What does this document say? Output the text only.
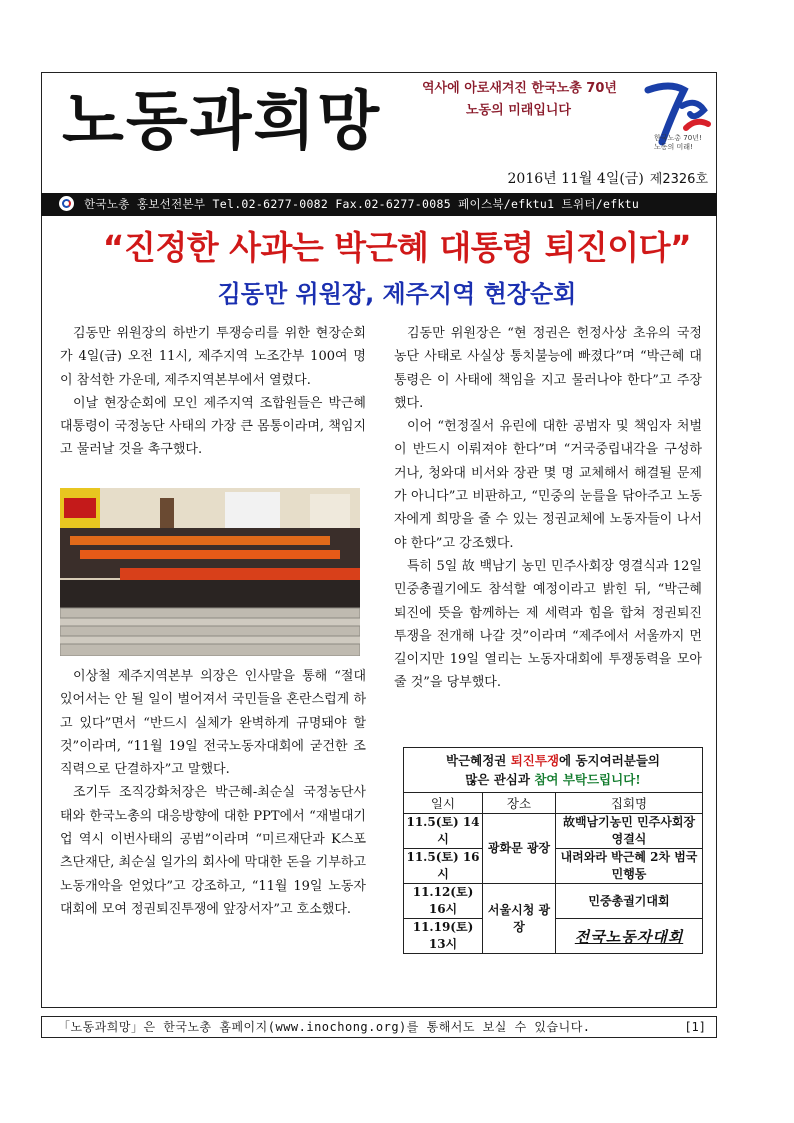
노동과희망	역사에 아로새겨진 한국노총 70년
노동의 미래입니다
한국노총 70년!
노동의 미래!
2016년 11월 4일(금) 제2326호
한국노총 홍보선전본부 Tel.02-6277-0082 Fax.02-6277-0085 페이스북/efktu1 트위터/efktu
“진정한 사과는 박근혜 대통령 퇴진이다”
김동만 위원장, 제주지역 현장순회

김동만 위원장의 하반기 투쟁승리를 위한 현장순회가 4일(금) 오전 11시, 제주지역 노조간부 100여 명이 참석한 가운데, 제주지역본부에서 열렸다.

이날 현장순회에 모인 제주지역 조합원들은 박근혜대통령이 국정농단 사태의 가장 큰 몸통이라며, 책임지고 물러날 것을 촉구했다.

이상철 제주지역본부 의장은 인사말을 통해 “절대 있어서는 안 될 일이 벌어져서 국민들을 혼란스럽게 하고 있다”면서 “반드시 실체가 완벽하게 규명돼야 할 것”이라며, “11월 19일 전국노동자대회에 굳건한 조직력으로 단결하자”고 말했다.

조기두 조직강화처장은 박근혜-최순실 국정농단사태와 한국노총의 대응방향에 대한 PPT에서 “재벌대기업 역시 이번사태의 공범”이라며 “미르재단과 K스포츠단재단, 최순실 일가의 회사에 막대한 돈을 기부하고 노동개악을 얻었다”고 강조하고, “11월 19일 노동자대회에 모여 정권퇴진투쟁에 앞장서자”고 호소했다.

김동만 위원장은 “현 정권은 헌정사상 초유의 국정농단 사태로 사실상 통치불능에 빠졌다”며 “박근혜 대통령은 이 사태에 책임을 지고 물러나야 한다”고 주장했다.

이어 “헌정질서 유린에 대한 공범자 및 책임자 처벌이 반드시 이뤄져야 한다”며 “거국중립내각을 구성하거나, 청와대 비서와 장관 몇 명 교체해서 해결될 문제가 아니다”고 비판하고, “민중의 눈를을 닦아주고 노동자에게 희망을 줄 수 있는 정권교체에 노동자들이 나서야 한다”고 강조했다.

특히 5일 故 백남기 농민 민주사회장 영결식과 12일 민중총궐기에도 참석할 예정이라고 밝힌 뒤, “박근혜 퇴진에 뜻을 함께하는 제 세력과 힘을 합쳐 정권퇴진 투쟁을 전개해 나갈 것”이라며 “제주에서 서울까지 먼 길이지만 19일 열리는 노동자대회에 투쟁동력을 모아 줄 것”을 당부했다.

박근혜정권 퇴진투쟁에 동지여러분들의
많은 관심과 참여 부탁드립니다!		
일시	장소	집회명
11.5(토) 14시	광화문 광장	故백남기농민 민주사회장 영결식
11.5(토) 16시		내려와라 박근혜 2차 범국민행동
11.12(토) 16시	서울시청 광장	민중총궐기대회
11.19(토) 13시		전국노동자대회
「노동과희망」은 한국노총 홈페이지(www.inochong.org)를 통해서도 보실 수 있습니다.	[1]
